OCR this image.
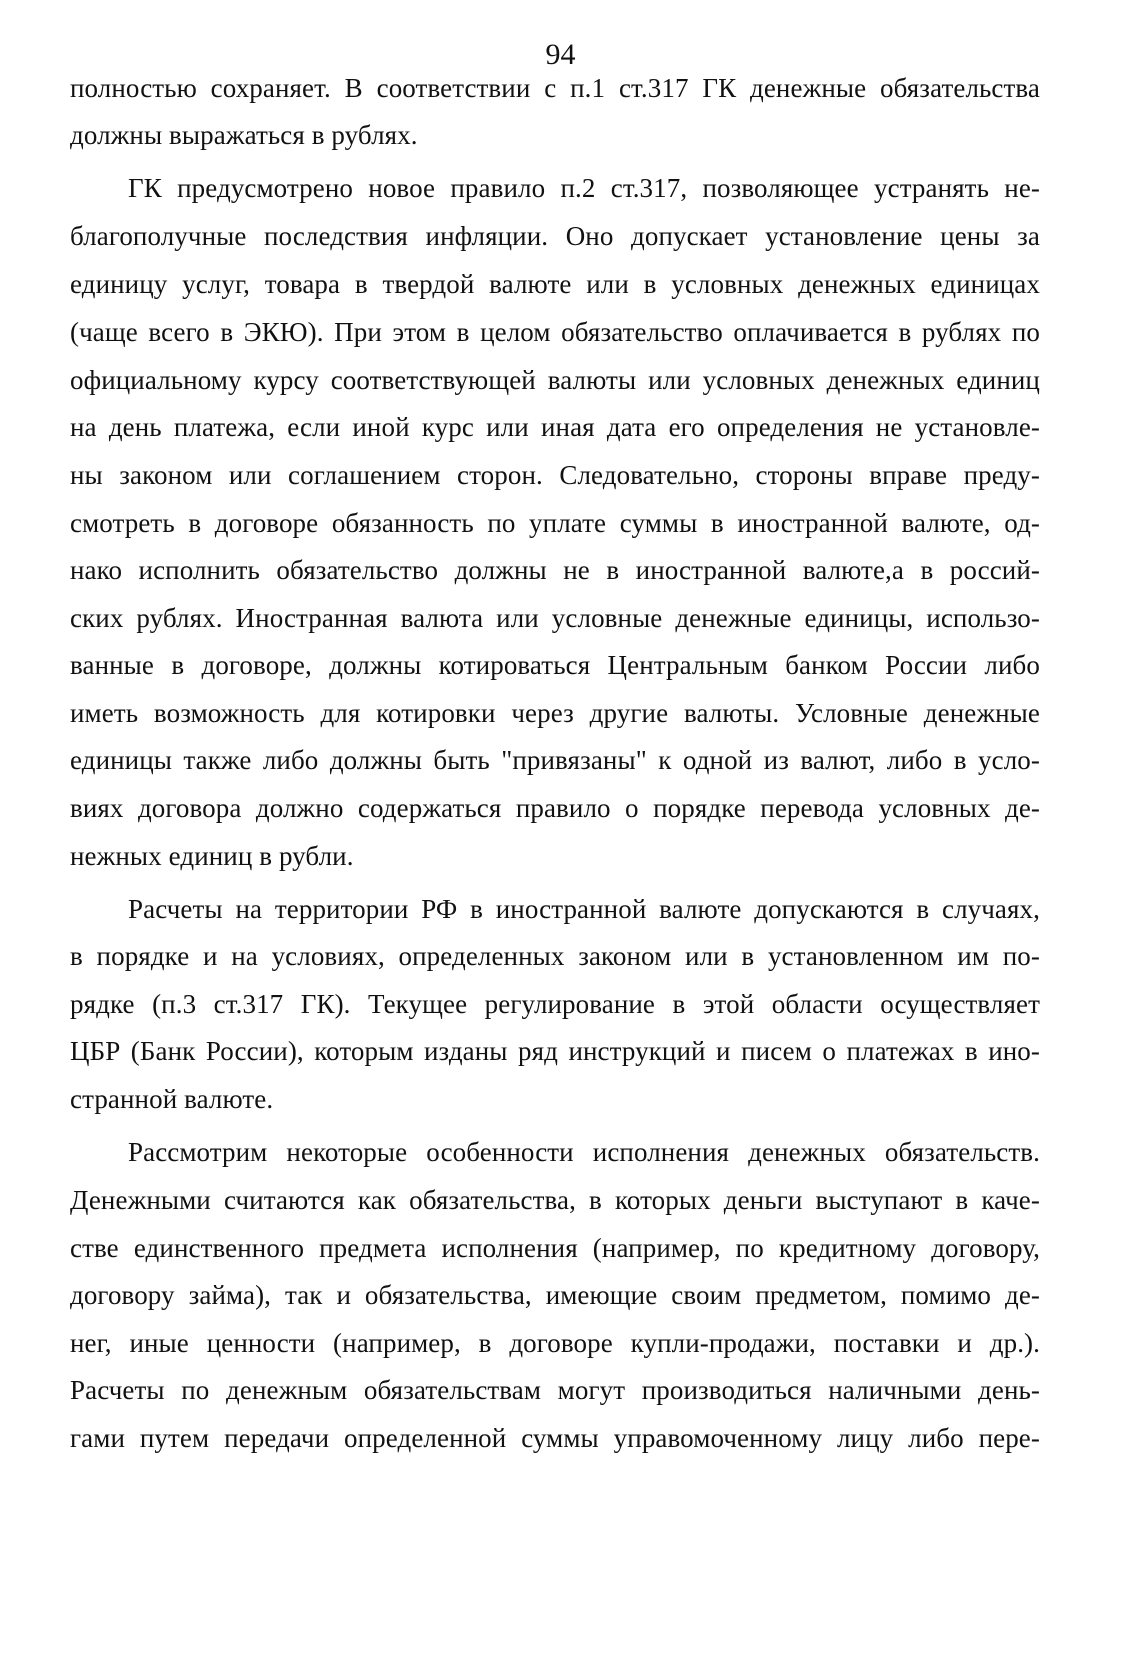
94
полностью сохраняет. В соответствии с п.1 ст.317 ГК денежные обязательства
должны выражаться в рублях.
ГК предусмотрено новое правило п.2 ст.317, позволяющее устранять не-
благополучные последствия инфляции. Оно допускает установление цены за
единицу услуг, товара в твердой валюте или в условных денежных единицах
(чаще всего в ЭКЮ). При этом в целом обязательство оплачивается в рублях по
официальному курсу соответствующей валюты или условных денежных единиц
на день платежа, если иной курс или иная дата его определения не установле-
ны законом или соглашением сторон. Следовательно, стороны вправе преду-
смотреть в договоре обязанность по уплате суммы в иностранной валюте, од-
нако исполнить обязательство должны не в иностранной валюте,а в россий-
ских рублях. Иностранная валюта или условные денежные единицы, использо-
ванные в договоре, должны котироваться Центральным банком России либо
иметь возможность для котировки через другие валюты. Условные денежные
единицы также либо должны быть "привязаны" к одной из валют, либо в усло-
виях договора должно содержаться правило о порядке перевода условных де-
нежных единиц в рубли.
Расчеты на территории РФ в иностранной валюте допускаются в случаях,
в порядке и на условиях, определенных законом или в установленном им по-
рядке (п.3 ст.317 ГК). Текущее регулирование в этой области осуществляет
ЦБР (Банк России), которым изданы ряд инструкций и писем о платежах в ино-
странной валюте.
Рассмотрим некоторые особенности исполнения денежных обязательств.
Денежными считаются как обязательства, в которых деньги выступают в каче-
стве единственного предмета исполнения (например, по кредитному договору,
договору займа), так и обязательства, имеющие своим предметом, помимо де-
нег, иные ценности (например, в договоре купли-продажи, поставки и др.).
Расчеты по денежным обязательствам могут производиться наличными день-
гами путем передачи определенной суммы управомоченному лицу либо пере-
